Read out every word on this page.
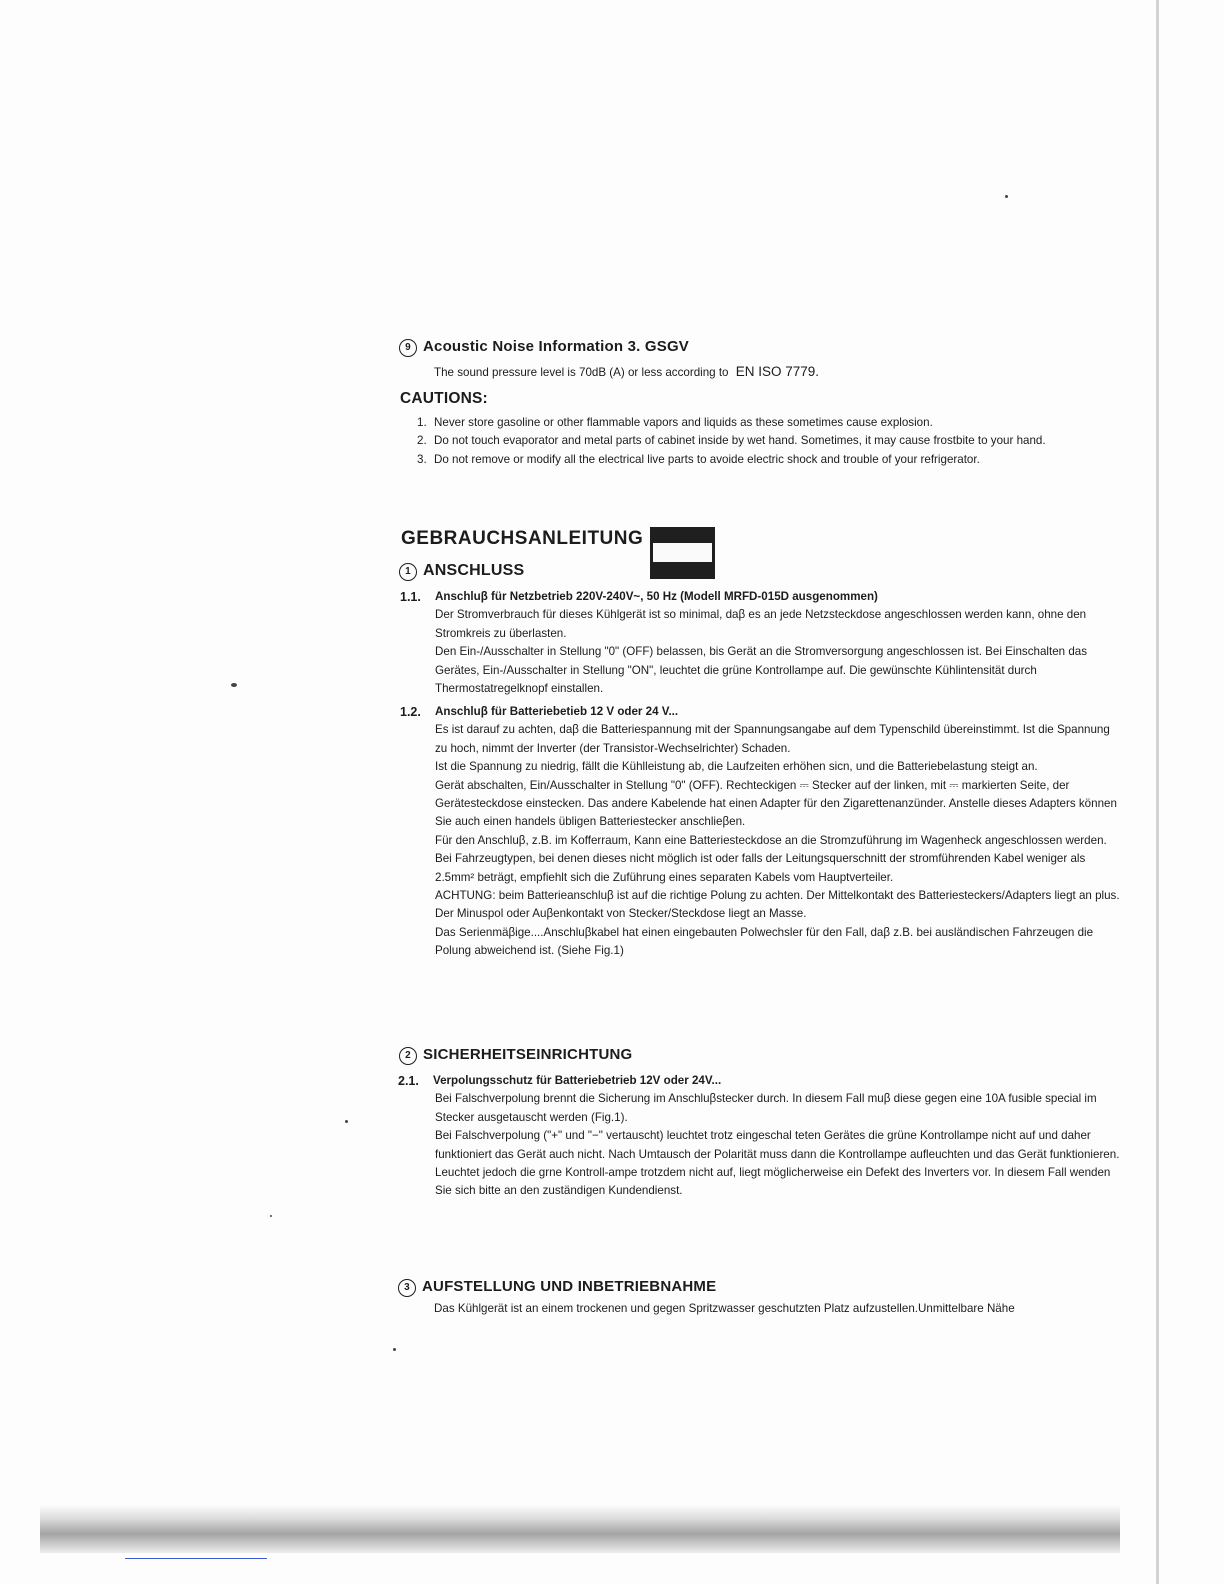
9 Acoustic Noise Information 3. GSGV
The sound pressure level is 70dB (A) or less according to EN ISO 7779.
CAUTIONS:
1. Never store gasoline or other flammable vapors and liquids as these sometimes cause explosion.
2. Do not touch evaporator and metal parts of cabinet inside by wet hand. Sometimes, it may cause frostbite to your hand.
3. Do not remove or modify all the electrical live parts to avoide electric shock and trouble of your refrigerator.
GEBRAUCHSANLEITUNG
1 ANSCHLUSS
1.1. Anschluβ für Netzbetrieb 220V-240V~, 50 Hz (Modell MRFD-015D ausgenommen)

Der Stromverbrauch für dieses Kühlgerät ist so minimal, daβ es an jede Netzsteckdose angeschlossen werden kann, ohne den Stromkreis zu überlasten.

Den Ein-/Ausschalter in Stellung "0" (OFF) belassen, bis Gerät an die Stromversorgung angeschlossen ist. Bei Einschalten das Gerätes, Ein-/Ausschalter in Stellung "ON", leuchtet die grüne Kontrollampe auf. Die gewünschte Kühlintensität durch Thermostatregelknopf einstallen.

1.2. Anschluβ für Batteriebetieb 12 V oder 24 V...

Es ist darauf zu achten, daβ die Batteriespannung mit der Spannungsangabe auf dem Typenschild übereinstimmt. Ist die Spannung zu hoch, nimmt der Inverter (der Transistor-Wechselrichter) Schaden.

Ist die Spannung zu niedrig, fällt die Kühlleistung ab, die Laufzeiten erhöhen sicn, und die Batteriebelastung steigt an.

Gerät abschalten, Ein/Ausschalter in Stellung "0" (OFF). Rechteckigen ⎓ Stecker auf der linken, mit ⎓ markierten Seite, der Gerätesteckdose einstecken. Das andere Kabelende hat einen Adapter für den Zigarettenanzünder. Anstelle dieses Adapters können Sie auch einen handels übligen Batteriestecker anschlieβen.

Für den Anschluβ, z.B. im Kofferraum, Kann eine Batteriesteckdose an die Stromzuführung im Wagenheck angeschlossen werden. Bei Fahrzeugtypen, bei denen dieses nicht möglich ist oder falls der Leitungsquerschnitt der stromführenden Kabel weniger als 2.5mm² beträgt, empfiehlt sich die Zuführung eines separaten Kabels vom Hauptverteiler.

ACHTUNG: beim Batterieanschluβ ist auf die richtige Polung zu achten. Der Mittelkontakt des Batteriesteckers/Adapters liegt an plus. Der Minuspol oder Auβenkontakt von Stecker/Steckdose liegt an Masse.

Das Serienmäβige....Anschluβkabel hat einen eingebauten Polwechsler für den Fall, daβ z.B. bei ausländischen Fahrzeugen die Polung abweichend ist. (Siehe Fig.1)

2 SICHERHEITSEINRICHTUNG
2.1. Verpolungsschutz für Batteriebetrieb 12V oder 24V...

Bei Falschverpolung brennt die Sicherung im Anschluβstecker durch. In diesem Fall muβ diese gegen eine 10A fusible special im Stecker ausgetauscht werden (Fig.1).

Bei Falschverpolung ("+" und "−" vertauscht) leuchtet trotz eingeschal teten Gerätes die grüne Kontrollampe nicht auf und daher funktioniert das Gerät auch nicht. Nach Umtausch der Polarität muss dann die Kontrollampe aufleuchten und das Gerät funktionieren. Leuchtet jedoch die grne Kontroll-ampe trotzdem nicht auf, liegt möglicherweise ein Defekt des Inverters vor. In diesem Fall wenden Sie sich bitte an den zuständigen Kundendienst.

3 AUFSTELLUNG UND INBETRIEBNAHME

Das Kühlgerät ist an einem trockenen und gegen Spritzwasser geschutzten Platz aufzustellen.Unmittelbare Nähe
